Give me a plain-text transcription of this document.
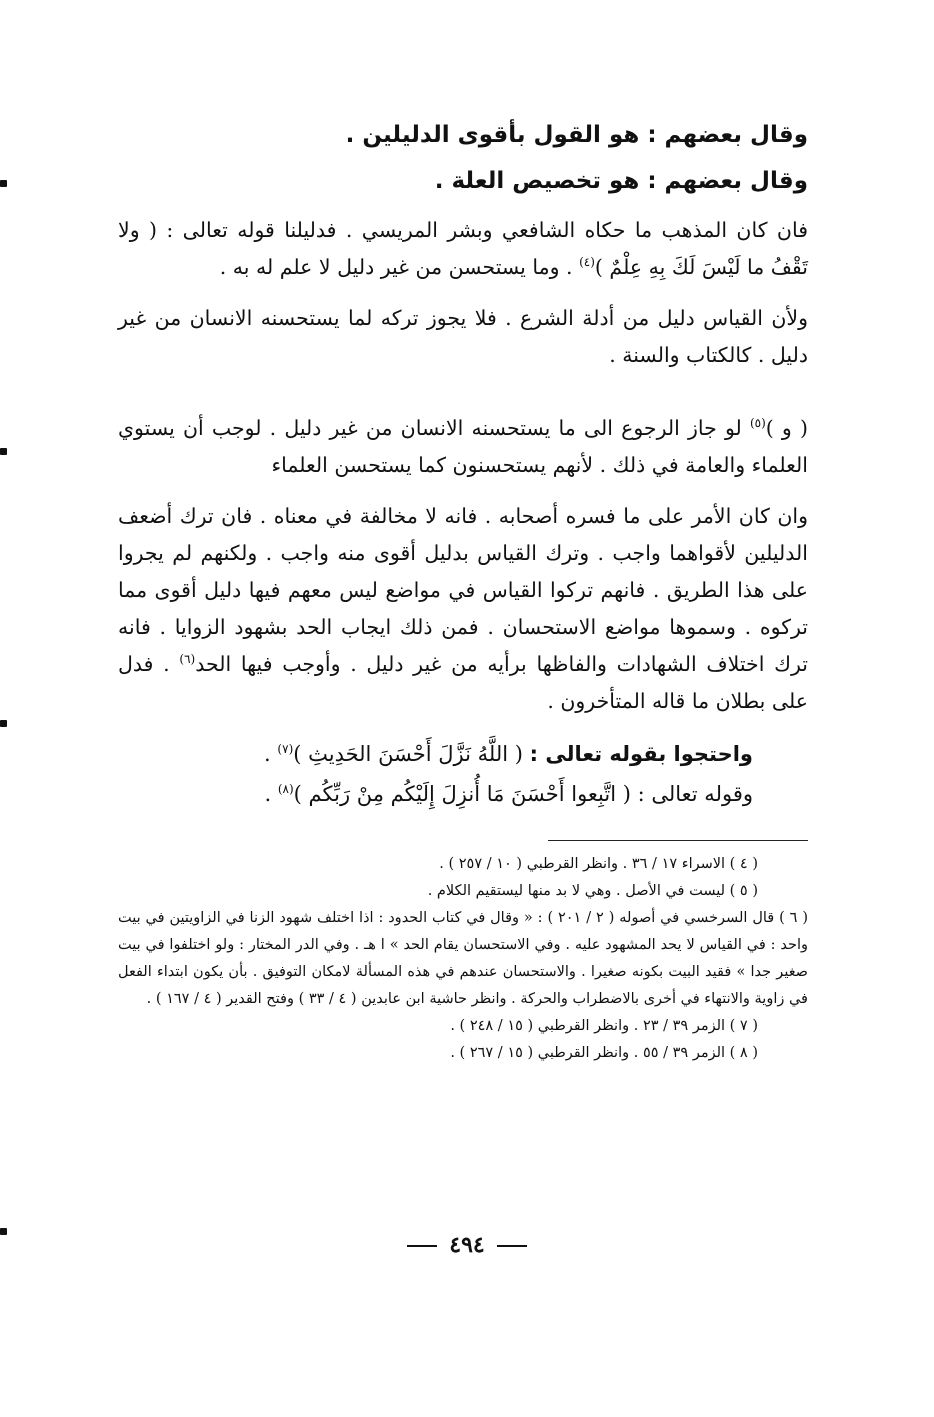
وقال بعضهم : هو القول بأقوى الدليلين .

وقال بعضهم : هو تخصيص العلة .

فان كان المذهب ما حكاه الشافعي وبشر المريسي . فدليلنا قوله تعالى : ( ولا تَقْفُ ما لَيْسَ لَكَ بِهِ عِلْمٌ )$^{(٤)}$ . وما يستحسن من غير دليل لا علم له به .

ولأن القياس دليل من أدلة الشرع . فلا يجوز تركه لما يستحسنه الانسان من غير دليل . كالكتاب والسنة .

( و )$^{(٥)}$ لو جاز الرجوع الى ما يستحسنه الانسان من غير دليل . لوجب أن يستوي العلماء والعامة في ذلك . لأنهم يستحسنون كما يستحسن العلماء

وان كان الأمر على ما فسره أصحابه . فانه لا مخالفة في معناه . فان ترك أضعف الدليلين لأقواهما واجب . وترك القياس بدليل أقوى منه واجب . ولكنهم لم يجروا على هذا الطريق . فانهم تركوا القياس في مواضع ليس معهم فيها دليل أقوى مما تركوه . وسموها مواضع الاستحسان . فمن ذلك ايجاب الحد بشهود الزوايا . فانه ترك اختلاف الشهادات والفاظها برأيه من غير دليل . وأوجب فيها الحد$^{(٦)}$ . فدل على بطلان ما قاله المتأخرون .

واحتجوا بقوله تعالى : ( اللَّهُ نَزَّلَ أَحْسَنَ الحَدِيثِ )$^{(٧)}$ .

وقوله تعالى : ( اتَّبِعوا أَحْسَنَ مَا أُنزِلَ إِلَيْكُم مِنْ رَبِّكُم )$^{(٨)}$ .

( ٤ ) الاسراء ١٧ / ٣٦ . وانظر القرطبي ( ١٠ / ٢٥٧ ) .

( ٥ ) ليست في الأصل . وهي لا بد منها ليستقيم الكلام .

( ٦ ) قال السرخسي في أصوله ( ٢ / ٢٠١ ) : « وقال في كتاب الحدود : اذا اختلف شهود الزنا في الزاويتين في بيت واحد : في القياس لا يحد المشهود عليه . وفي الاستحسان يقام الحد » ا هـ . وفي الدر المختار : ولو اختلفوا في بيت صغير جدا » فقيد البيت بكونه صغيرا . والاستحسان عندهم في هذه المسألة لامكان التوفيق . بأن يكون ابتداء الفعل في زاوية والانتهاء في أخرى بالاضطراب والحركة . وانظر حاشية ابن عابدين ( ٤ / ٣٣ ) وفتح القدير ( ٤ / ١٦٧ ) .

( ٧ ) الزمر ٣٩ / ٢٣ . وانظر القرطبي ( ١٥ / ٢٤٨ ) .

( ٨ ) الزمر ٣٩ / ٥٥ . وانظر القرطبي ( ١٥ / ٢٦٧ ) .

٤٩٤
